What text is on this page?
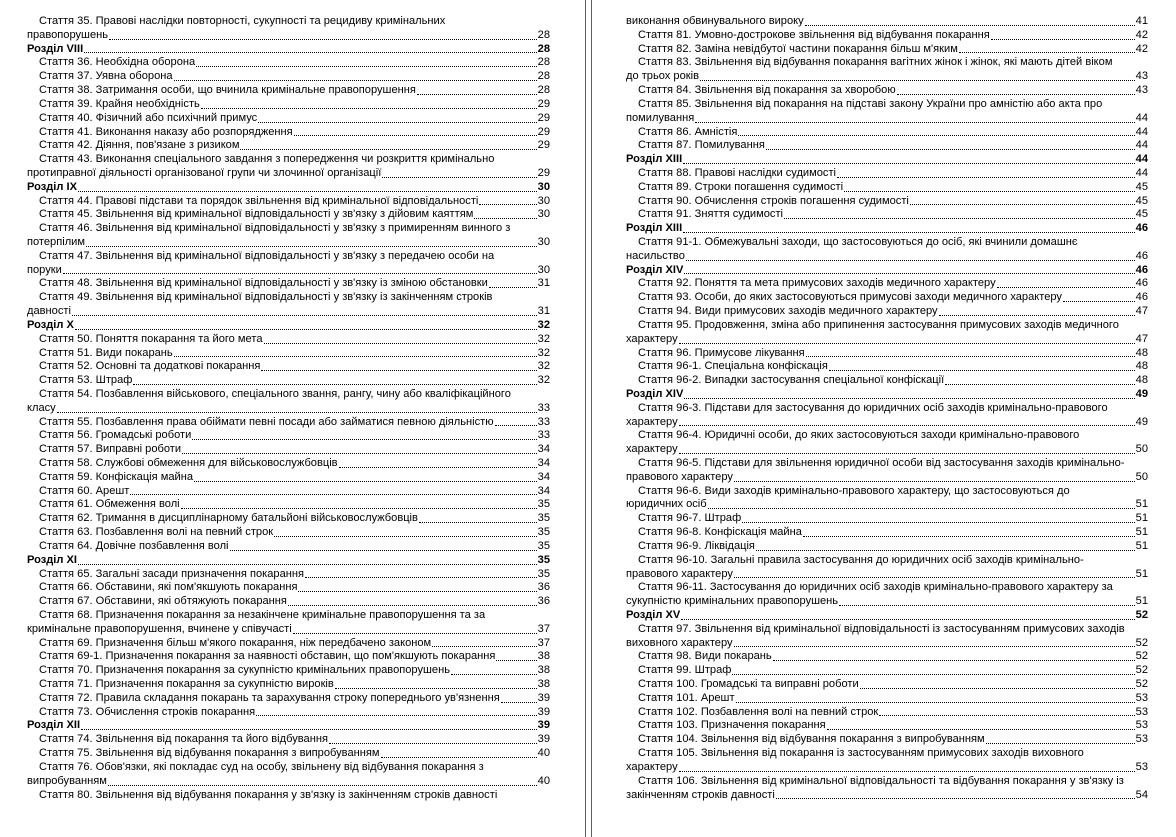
Стаття 35. Правові наслідки повторності, сукупності та рецидиву кримінальних
правопорушень	28
Розділ VIII	28
Стаття 36. Необхідна оборона	28
Стаття 37. Уявна оборона	28
Стаття 38. Затримання особи, що вчинила кримінальне правопорушення	28
Стаття 39. Крайня необхідність	29
Стаття 40. Фізичний або психічний примус	29
Стаття 41. Виконання наказу або розпорядження	29
Стаття 42. Діяння, пов'язане з ризиком	29
Стаття 43. Виконання спеціального завдання з попередження чи розкриття кримінально
протиправної діяльності організованої групи чи злочинної організації	29
Розділ IX	30
Стаття 44. Правові підстави та порядок звільнення від кримінальної відповідальності	30
Стаття 45. Звільнення від кримінальної відповідальності у зв'язку з дійовим каяттям	30
Стаття 46. Звільнення від кримінальної відповідальності у зв'язку з примиренням винного з
потерпілим	30
Стаття 47. Звільнення від кримінальної відповідальності у зв'язку з передачею особи на
поруки	30
Стаття 48. Звільнення від кримінальної відповідальності у зв'язку із зміною обстановки	31
Стаття 49. Звільнення від кримінальної відповідальності у зв'язку із закінченням строків
давності	31
Розділ X	32
Стаття 50. Поняття покарання та його мета	32
Стаття 51. Види покарань	32
Стаття 52. Основні та додаткові покарання	32
Стаття 53. Штраф	32
Стаття 54. Позбавлення військового, спеціального звання, рангу, чину або кваліфікаційного
класу	33
Стаття 55. Позбавлення права обіймати певні посади або займатися певною діяльністю	33
Стаття 56. Громадські роботи	33
Стаття 57. Виправні роботи	34
Стаття 58. Службові обмеження для військовослужбовців	34
Стаття 59. Конфіскація майна	34
Стаття 60. Арешт	34
Стаття 61. Обмеження волі	35
Стаття 62. Тримання в дисциплінарному батальйоні військовослужбовців	35
Стаття 63. Позбавлення волі на певний строк	35
Стаття 64. Довічне позбавлення волі	35
Розділ XI	35
Стаття 65. Загальні засади призначення покарання	35
Стаття 66. Обставини, які пом'якшують покарання	36
Стаття 67. Обставини, які обтяжують покарання	36
Стаття 68. Призначення покарання за незакінчене кримінальне правопорушення та за
кримінальне правопорушення, вчинене у співучасті	37
Стаття 69. Призначення більш м'якого покарання, ніж передбачено законом	37
Стаття 69-1. Призначення покарання за наявності обставин, що пом'якшують покарання	38
Стаття 70. Призначення покарання за сукупністю кримінальних правопорушень	38
Стаття 71. Призначення покарання за сукупністю вироків	38
Стаття 72. Правила складання покарань та зарахування строку попереднього ув'язнення	39
Стаття 73. Обчислення строків покарання	39
Розділ XII	39
Стаття 74. Звільнення від покарання та його відбування	39
Стаття 75. Звільнення від відбування покарання з випробуванням	40
Стаття 76. Обов'язки, які покладає суд на особу, звільнену від відбування покарання з
випробуванням	40
Стаття 80. Звільнення від відбування покарання у зв'язку із закінченням строків давності
виконання обвинувального вироку	41
Стаття 81. Умовно-дострокове звільнення від відбування покарання	42
Стаття 82. Заміна невідбутої частини покарання більш м'яким	42
Стаття 83. Звільнення від відбування покарання вагітних жінок і жінок, які мають дітей віком
до трьох років	43
Стаття 84. Звільнення від покарання за хворобою	43
Стаття 85. Звільнення від покарання на підставі закону України про амністію або акта про
помилування	44
Стаття 86. Амністія	44
Стаття 87. Помилування	44
Розділ XIII	44
Стаття 88. Правові наслідки судимості	44
Стаття 89. Строки погашення судимості	45
Стаття 90. Обчислення строків погашення судимості	45
Стаття 91. Зняття судимості	45
Розділ XIII	46
Стаття 91-1. Обмежувальні заходи, що застосовуються до осіб, які вчинили домашнє
насильство	46
Розділ XIV	46
Стаття 92. Поняття та мета примусових заходів медичного характеру	46
Стаття 93. Особи, до яких застосовуються примусові заходи медичного характеру	46
Стаття 94. Види примусових заходів медичного характеру	47
Стаття 95. Продовження, зміна або припинення застосування примусових заходів медичного
характеру	47
Стаття 96. Примусове лікування	48
Стаття 96-1. Спеціальна конфіскація	48
Стаття 96-2. Випадки застосування спеціальної конфіскації	48
Розділ XIV	49
Стаття 96-3. Підстави для застосування до юридичних осіб заходів кримінально-правового
характеру	49
Стаття 96-4. Юридичні особи, до яких застосовуються заходи кримінально-правового
характеру	50
Стаття 96-5. Підстави для звільнення юридичної особи від застосування заходів кримінально-
правового характеру	50
Стаття 96-6. Види заходів кримінально-правового характеру, що застосовуються до
юридичних осіб	51
Стаття 96-7. Штраф	51
Стаття 96-8. Конфіскація майна	51
Стаття 96-9. Ліквідація	51
Стаття 96-10. Загальні правила застосування до юридичних осіб заходів кримінально-
правового характеру	51
Стаття 96-11. Застосування до юридичних осіб заходів кримінально-правового характеру за
сукупністю кримінальних правопорушень	51
Розділ XV	52
Стаття 97. Звільнення від кримінальної відповідальності із застосуванням примусових заходів
виховного характеру	52
Стаття 98. Види покарань	52
Стаття 99. Штраф	52
Стаття 100. Громадські та виправні роботи	52
Стаття 101. Арешт	53
Стаття 102. Позбавлення волі на певний строк	53
Стаття 103. Призначення покарання	53
Стаття 104. Звільнення від відбування покарання з випробуванням	53
Стаття 105. Звільнення від покарання із застосуванням примусових заходів виховного
характеру	53
Стаття 106. Звільнення від кримінальної відповідальності та відбування покарання у зв'язку із
закінченням строків давності	54
